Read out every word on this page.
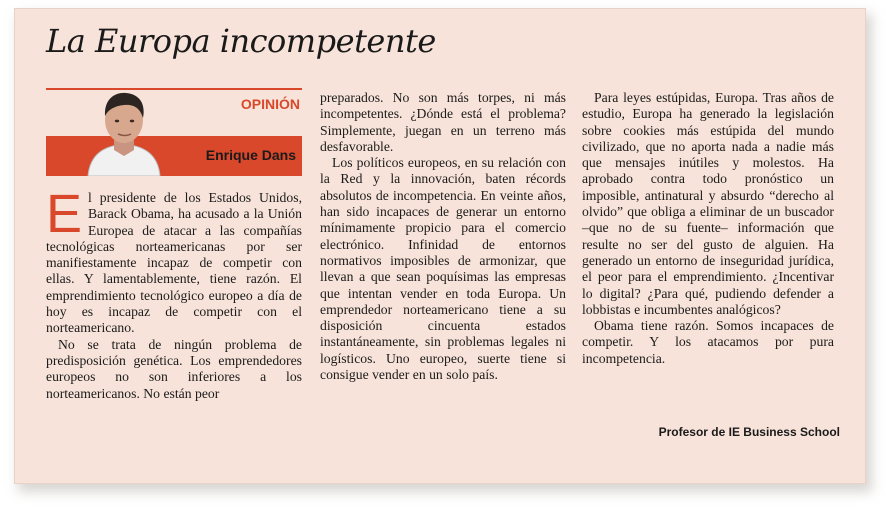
La Europa incompetente
OPINIÓN
Enrique Dans

El presidente de los Estados Unidos, Barack Obama, ha acusado a la Unión Europea de atacar a las compañías tecnológicas norteamericanas por ser manifiestamente incapaz de competir con ellas. Y lamentablemente, tiene razón. El emprendimiento tecnológico europeo a día de hoy es incapaz de competir con el norteamericano.

No se trata de ningún problema de predisposición genética. Los emprendedores europeos no son inferiores a los norteamericanos. No están peor

preparados. No son más torpes, ni más incompetentes. ¿Dónde está el problema? Simplemente, juegan en un terreno más desfavorable.

Los políticos europeos, en su relación con la Red y la innovación, baten récords absolutos de incompetencia. En veinte años, han sido incapaces de generar un entorno mínimamente propicio para el comercio electrónico. Infinidad de entornos normativos imposibles de armonizar, que llevan a que sean poquísimas las empresas que intentan vender en toda Europa. Un emprendedor norteamericano tiene a su disposición cincuenta estados instantáneamente, sin problemas legales ni logísticos. Uno europeo, suerte tiene si consigue vender en un solo país.

Para leyes estúpidas, Europa. Tras años de estudio, Europa ha generado la legislación sobre cookies más estúpida del mundo civilizado, que no aporta nada a nadie más que mensajes inútiles y molestos. Ha aprobado contra todo pronóstico un imposible, antinatural y absurdo “derecho al olvido” que obliga a eliminar de un buscador –que no de su fuente– información que resulte no ser del gusto de alguien. Ha generado un entorno de inseguridad jurídica, el peor para el emprendimiento. ¿Incentivar lo digital? ¿Para qué, pudiendo defender a lobbistas e incumbentes analógicos?

Obama tiene razón. Somos incapaces de competir. Y los atacamos por pura incompetencia.

Profesor de IE Business School
